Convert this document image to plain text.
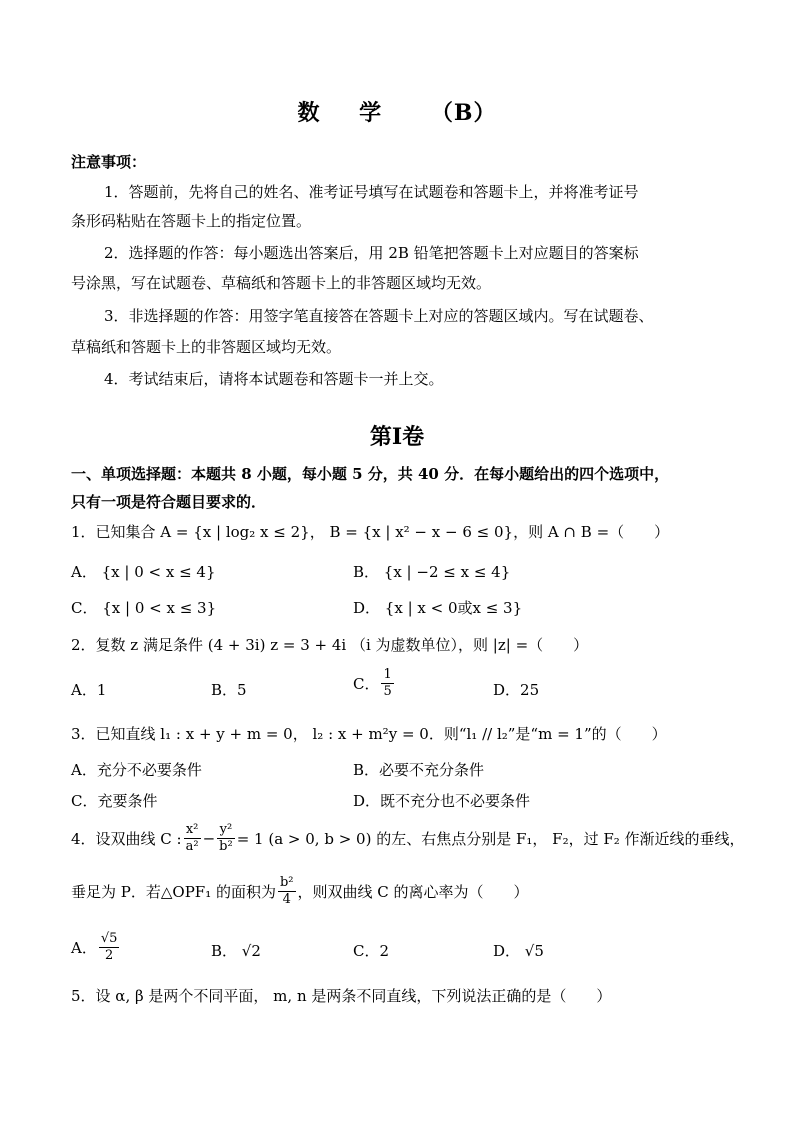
数 学 （B）
注意事项：
1．答题前，先将自己的姓名、准考证号填写在试题卷和答题卡上，并将准考证号
条形码粘贴在答题卡上的指定位置。
2．选择题的作答：每小题选出答案后，用 2B 铅笔把答题卡上对应题目的答案标
号涂黑，写在试题卷、草稿纸和答题卡上的非答题区域均无效。
3．非选择题的作答：用签字笔直接答在答题卡上对应的答题区域内。写在试题卷、
草稿纸和答题卡上的非答题区域均无效。
4．考试结束后，请将本试题卷和答题卡一并上交。
第Ⅰ卷
一、单项选择题：本题共 8 小题，每小题 5 分，共 40 分．在每小题给出的四个选项中，
只有一项是符合题目要求的．
1．已知集合 A = {x | log₂ x ≤ 2}， B = {x | x² − x − 6 ≤ 0}，则 A ∩ B =（　　）
A． {x | 0 < x ≤ 4}	B． {x | −2 ≤ x ≤ 4}
C． {x | 0 < x ≤ 3}	D． {x | x < 0或x ≤ 3}
2．复数 z 满足条件 (4 + 3i) z = 3 + 4i （i 为虚数单位），则 |z| =（　　）
A．1	B．5	C． $\frac{1}{5}$	D．25
3．已知直线 l₁ : x + y + m = 0， l₂ : x + m²y = 0．则“l₁ // l₂”是“m = 1”的（　　）
A．充分不必要条件	B．必要不充分条件
C．充要条件	D．既不充分也不必要条件
4．设双曲线 C : $\frac{\text{x²}}{\text{a²}} - \frac{\text{y²}}{\text{b²}} = 1$ (a > 0, b > 0) 的左、右焦点分别是 F₁， F₂，过 F₂ 作渐近线的垂线，
垂足为 P．若△OPF₁ 的面积为 $\frac{\text{b²}}{4}$ ，则双曲线 C 的离心率为（　　）
A． $\frac{√5}{2}$	B． √2	C．2	D． √5
5．设 α, β 是两个不同平面， m, n 是两条不同直线，下列说法正确的是（　　）
